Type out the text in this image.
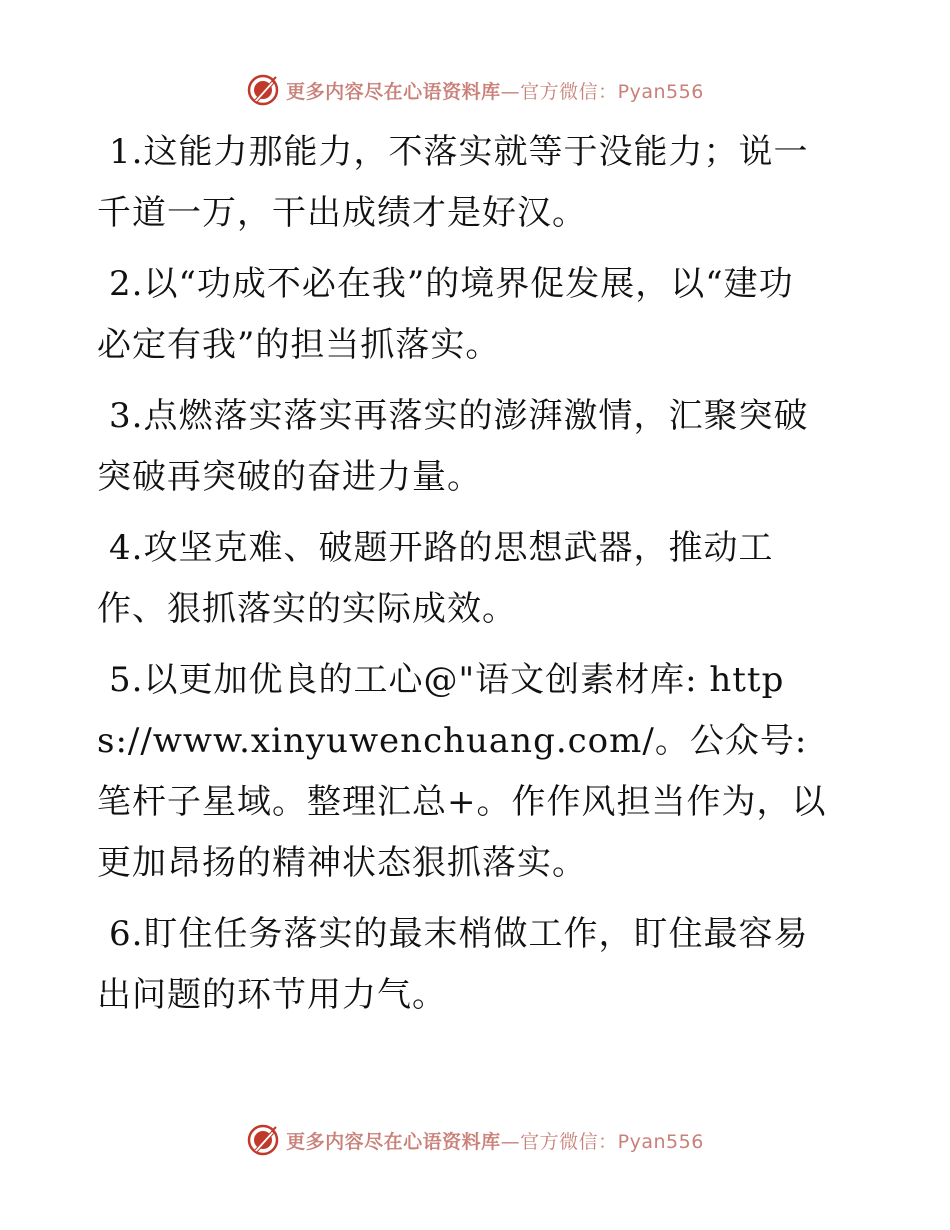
更多内容尽在心语资料库—官方微信：Pyan556

1.这能力那能力，不落实就等于没能力；说一千道一万，干出成绩才是好汉。

2.以“功成不必在我”的境界促发展，以“建功必定有我”的担当抓落实。

3.点燃落实落实再落实的澎湃激情，汇聚突破突破再突破的奋进力量。

4.攻坚克难、破题开路的思想武器，推动工作、狠抓落实的实际成效。

5.以更加优良的工心@"语文创素材库: https://www.xinyuwenchuang.com/。公众号: 笔杆子星域。整理汇总+。作作风担当作为，以更加昂扬的精神状态狠抓落实。

6.盯住任务落实的最末梢做工作，盯住最容易出问题的环节用力气。

更多内容尽在心语资料库—官方微信：Pyan556
